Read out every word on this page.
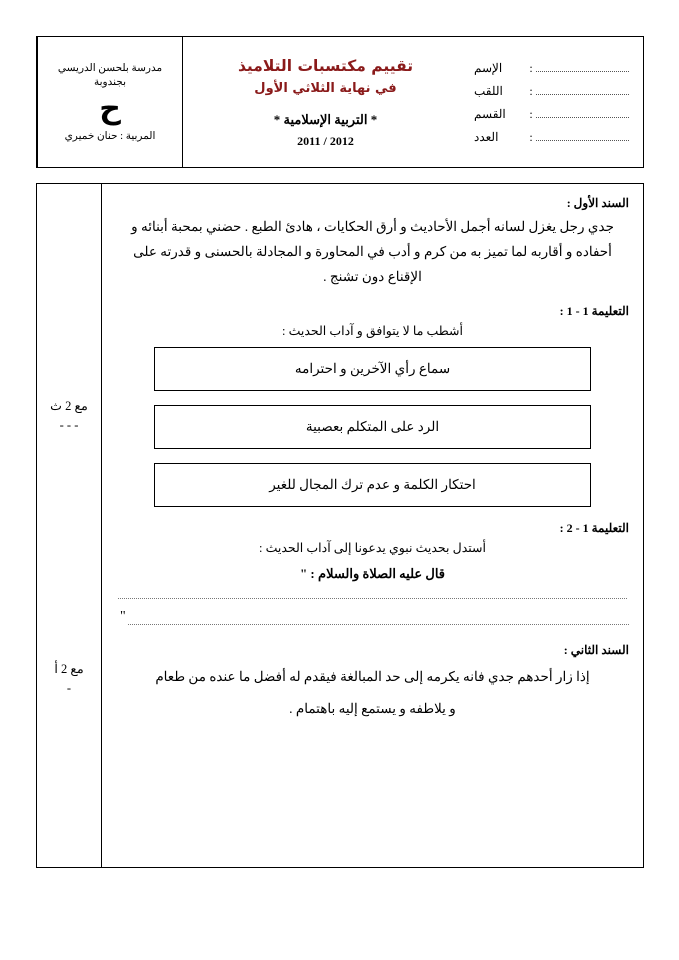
:
الإسم
:
اللقب
:
القسم
:
العدد
تقييم مكتسبات التلاميذ
في نهاية الثلاثي الأول
* التربية الإسلامية *
2011 / 2012
مدرسة بلحسن الدريسي
بجندوبة
ح
المربية : حنان خميري
السند الأول :
جدي رجل يغزل لسانه أجمل الأحاديث و أرق الحكايات ، هادئ الطبع . حضني بمحبة أبنائه و أحفاده و أقاربه لما تميز به من كرم و أدب في المحاورة و المجادلة بالحسنى و قدرته على الإقناع دون تشنج .
التعليمة 1 - 1 :
أشطب ما لا يتوافق و آداب الحديث :
سماع رأي الآخرين و احترامه
الرد على المتكلم بعصبية
احتكار الكلمة و عدم ترك المجال للغير
التعليمة 1 - 2 :
أستدل بحديث نبوي يدعونا إلى آداب الحديث :
قال عليه الصلاة والسلام : "
"
السند الثاني :
إذا زار أحدهم جدي فانه يكرمه إلى حد المبالغة فيقدم له أفضل ما عنده من طعام
و يلاطفه و يستمع إليه باهتمام .
مع 2 ث
- - -
مع 2 أ
-
